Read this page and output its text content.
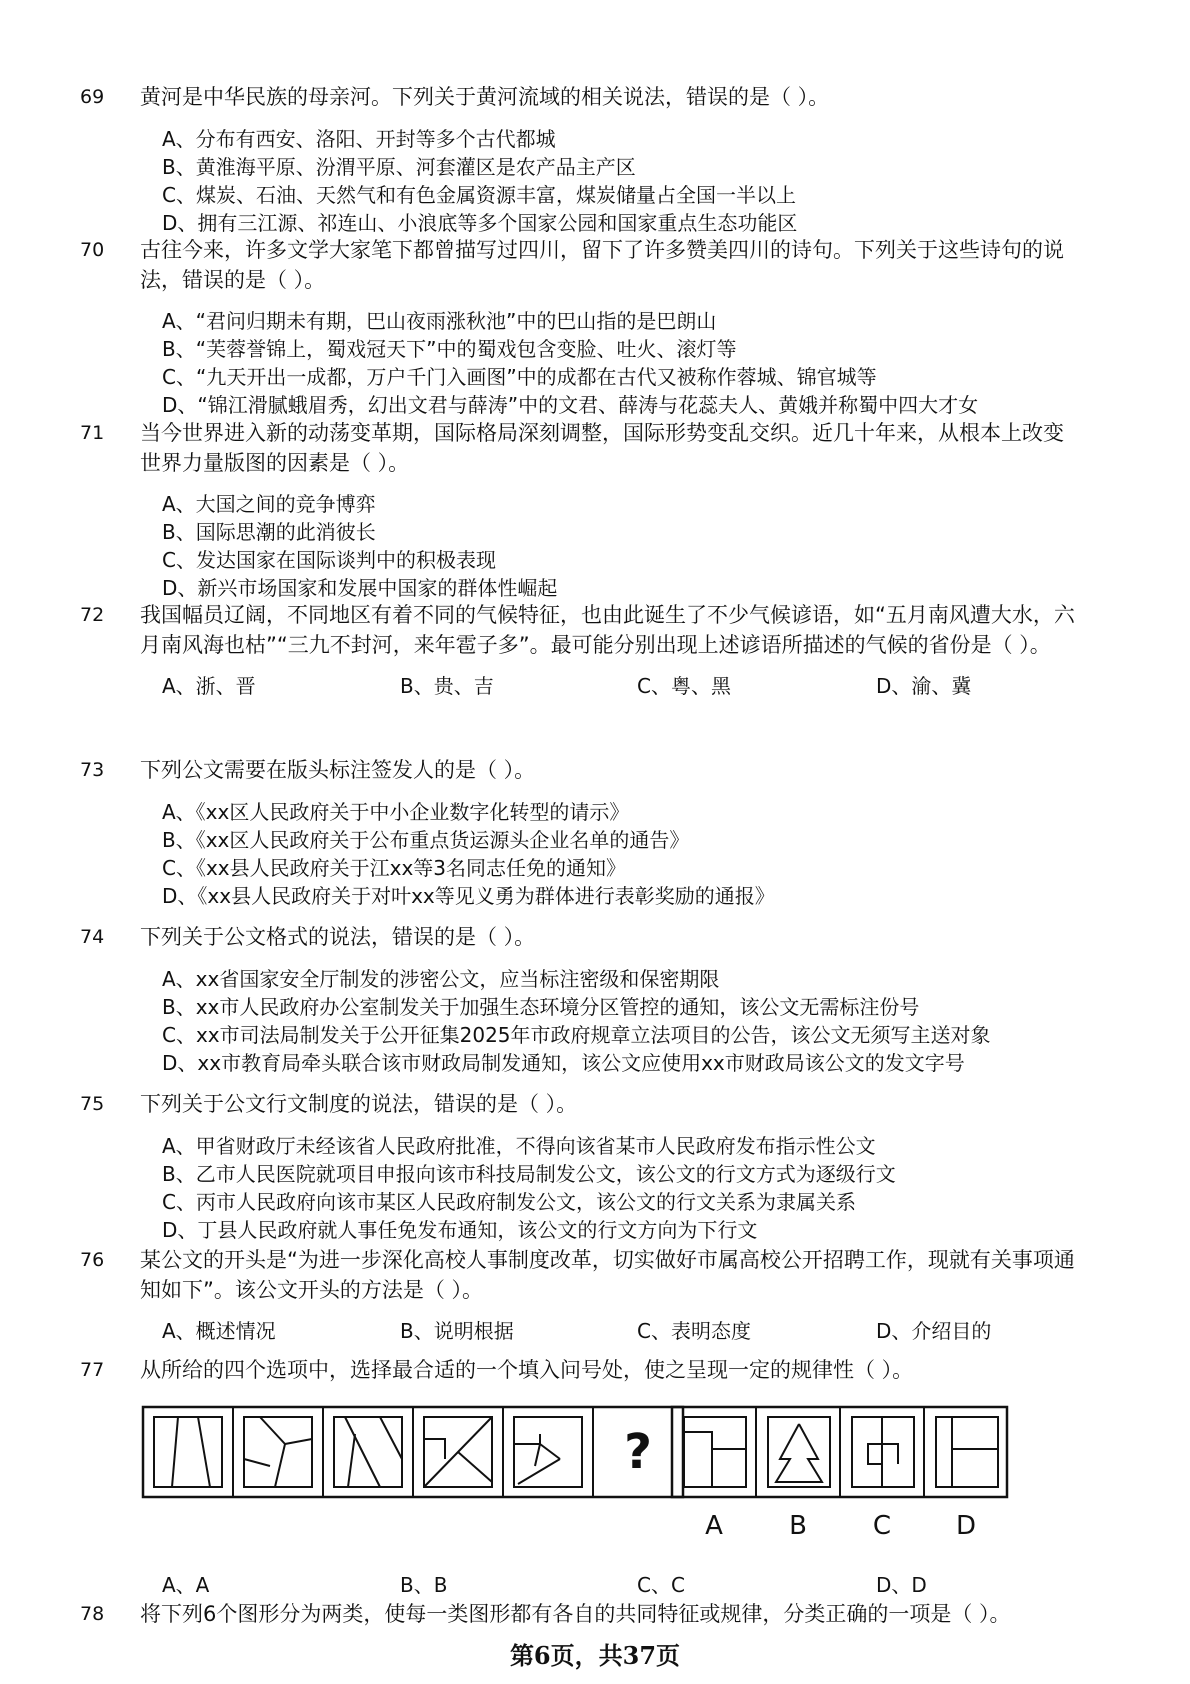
69 黄河是中华民族的母亲河。下列关于黄河流域的相关说法，错误的是（ ）。
A、分布有西安、洛阳、开封等多个古代都城
B、黄淮海平原、汾渭平原、河套灌区是农产品主产区
C、煤炭、石油、天然气和有色金属资源丰富，煤炭储量占全国一半以上
D、拥有三江源、祁连山、小浪底等多个国家公园和国家重点生态功能区
70 古往今来，许多文学大家笔下都曾描写过四川，留下了许多赞美四川的诗句。下列关于这些诗句的说法，错误的是（ ）。
A、“君问归期未有期，巴山夜雨涨秋池”中的巴山指的是巴朗山
B、“芙蓉誉锦上，蜀戏冠天下”中的蜀戏包含变脸、吐火、滚灯等
C、“九天开出一成都，万户千门入画图”中的成都在古代又被称作蓉城、锦官城等
D、“锦江滑腻蛾眉秀，幻出文君与薛涛”中的文君、薛涛与花蕊夫人、黄娥并称蜀中四大才女
71 当今世界进入新的动荡变革期，国际格局深刻调整，国际形势变乱交织。近几十年来，从根本上改变世界力量版图的因素是（ ）。
A、大国之间的竞争博弈
B、国际思潮的此消彼长
C、发达国家在国际谈判中的积极表现
D、新兴市场国家和发展中国家的群体性崛起
72 我国幅员辽阔，不同地区有着不同的气候特征，也由此诞生了不少气候谚语，如“五月南风遭大水，六月南风海也枯”“三九不封河，来年雹子多”。最可能分别出现上述谚语所描述的气候的省份是（ ）。
A、浙、晋	B、贵、吉	C、粤、黑	D、渝、冀
73 下列公文需要在版头标注签发人的是（ ）。
A、《xx区人民政府关于中小企业数字化转型的请示》
B、《xx区人民政府关于公布重点货运源头企业名单的通告》
C、《xx县人民政府关于江xx等3名同志任免的通知》
D、《xx县人民政府关于对叶xx等见义勇为群体进行表彰奖励的通报》
74 下列关于公文格式的说法，错误的是（ ）。
A、xx省国家安全厅制发的涉密公文，应当标注密级和保密期限
B、xx市人民政府办公室制发关于加强生态环境分区管控的通知，该公文无需标注份号
C、xx市司法局制发关于公开征集2025年市政府规章立法项目的公告，该公文无须写主送对象
D、xx市教育局牵头联合该市财政局制发通知，该公文应使用xx市财政局该公文的发文字号
75 下列关于公文行文制度的说法，错误的是（ ）。
A、甲省财政厅未经该省人民政府批准，不得向该省某市人民政府发布指示性公文
B、乙市人民医院就项目申报向该市科技局制发公文，该公文的行文方式为逐级行文
C、丙市人民政府向该市某区人民政府制发公文，该公文的行文关系为隶属关系
D、丁县人民政府就人事任免发布通知，该公文的行文方向为下行文
76 某公文的开头是“为进一步深化高校人事制度改革，切实做好市属高校公开招聘工作，现就有关事项通知如下”。该公文开头的方法是（ ）。
A、概述情况	B、说明根据	C、表明态度	D、介绍目的
77 从所给的四个选项中，选择最合适的一个填入问号处，使之呈现一定的规律性（ ）。
?
A	B	C D
A、A	B、B	C、C	D、D
78 将下列6个图形分为两类，使每一类图形都有各自的共同特征或规律，分类正确的一项是（ ）。
第6页，共37页
